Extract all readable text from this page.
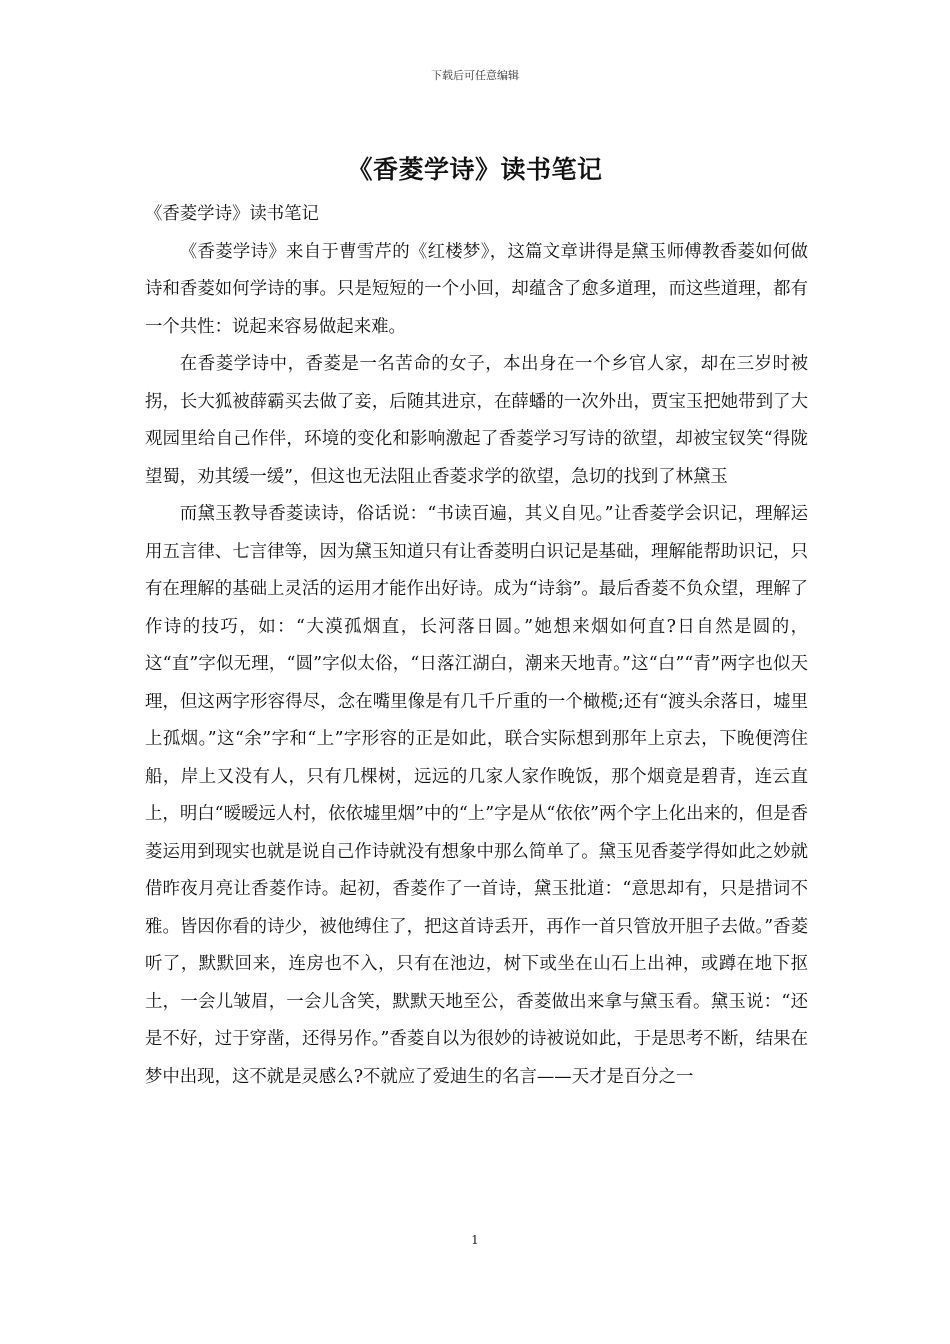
下载后可任意编辑
《香菱学诗》读书笔记

《香菱学诗》读书笔记

《香菱学诗》来自于曹雪芹的《红楼梦》，这篇文章讲得是黛玉师傅教香菱如何做诗和香菱如何学诗的事。只是短短的一个小回，却蕴含了愈多道理，而这些道理，都有一个共性：说起来容易做起来难。

在香菱学诗中，香菱是一名苦命的女子，本出身在一个乡官人家，却在三岁时被拐，长大狐被薛霸买去做了妾，后随其进京，在薛蟠的一次外出，贾宝玉把她带到了大观园里给自己作伴，环境的变化和影响激起了香菱学习写诗的欲望，却被宝钗笑“得陇望蜀，劝其缓一缓”，但这也无法阻止香菱求学的欲望，急切的找到了林黛玉

而黛玉教导香菱读诗，俗话说：“书读百遍，其义自见。”让香菱学会识记，理解运用五言律、七言律等，因为黛玉知道只有让香菱明白识记是基础，理解能帮助识记，只有在理解的基础上灵活的运用才能作出好诗。成为“诗翁”。最后香菱不负众望，理解了作诗的技巧，如：“大漠孤烟直，长河落日圆。”她想来烟如何直?日自然是圆的，这“直”字似无理，“圆”字似太俗，“日落江湖白，潮来天地青。”这“白”“青”两字也似天理，但这两字形容得尽，念在嘴里像是有几千斤重的一个橄榄;还有“渡头余落日，墟里上孤烟。”这“余”字和“上”字形容的正是如此，联合实际想到那年上京去，下晚便湾住船，岸上又没有人，只有几棵树，远远的几家人家作晚饭，那个烟竟是碧青，连云直上，明白“暧暧远人村，依依墟里烟”中的“上”字是从“依依”两个字上化出来的，但是香菱运用到现实也就是说自己作诗就没有想象中那么简单了。黛玉见香菱学得如此之妙就借昨夜月亮让香菱作诗。起初，香菱作了一首诗，黛玉批道：“意思却有，只是措词不雅。皆因你看的诗少，被他缚住了，把这首诗丢开，再作一首只管放开胆子去做。”香菱听了，默默回来，连房也不入，只有在池边，树下或坐在山石上出神，或蹲在地下抠土，一会儿皱眉，一会儿含笑，默默天地至公，香菱做出来拿与黛玉看。黛玉说：“还是不好，过于穿凿，还得另作。”香菱自以为很妙的诗被说如此，于是思考不断，结果在梦中出现，这不就是灵感么?不就应了爱迪生的名言——天才是百分之一

1
